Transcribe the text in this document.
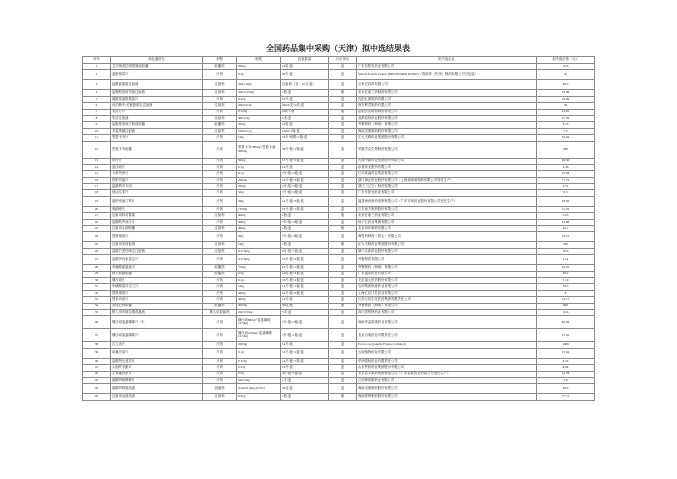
全国药品集中采购（天津）拟中选结果表
序号	药品通用名	剂型	规格	包装数量	计价单位	拟中选企业	拟中选价格（元）
1	艾司奥美拉唑镁肠溶胶囊	胶囊剂	20mg	14粒/盒	盒	广东东阳光药业有限公司	70.6
2	氯吡格雷片	片剂	0.2g	20片/盒	盒	Sanofi Aventis France (DELPHARM DIJON)（赛诺菲（杭州）制药有限公司分包装）	41
3	盐酸氨溴索注射液	注射剂	2ml:15mg	注射液（支：10支/盒）	盒	石家庄四药有限公司	28.5
4	盐酸帕洛诺司琼注射液	注射剂	5ml:0.25mg	1瓶/盒	瓶	北京红惠兰药制药有限公司	34.68
5	硫酸氢氯吡格雷片	片剂	0.25g	10片/盒	盒	沈阳红旗制药有限公司	19.49
6	丙泊酚中/长链脂肪乳注射液	注射剂	20ml:0.2g	20ml/支×4支/盒	盒	西安利君制药有限公司	39
7	朱洁方片	片剂	0.125g	100片/瓶	瓶	昆明贝克诺顿制药有限公司	22.95
8	朱洁注射液	注射剂	4ml:0.4g	2支/盒	盒	成都倍特药业股份有限公司	27.29
9	盐酸度洛西汀肠溶胶囊	胶囊剂	20mg	14粒/盒	盒	齐鲁制药（海南）有限公司	8.23
10	多索茶碱注射液	注射剂	10ml:0.1g	10ml×1瓶/盒	盒	海南灵康制药股份有限公司	7.2
11	恩替卡韦片	片剂	1mg	10片/铝塑×1板/盒	盒	正大天晴药业集团股份有限公司	35.64
12	恩替卡韦胶囊	片剂	恩替卡韦200mg+恩他卡朋200mg	30片/瓶×1瓶/盒	盒	安徽贝克生物制药有限公司	280
13	依叶片	片剂	50mg	15片/板×2板/盒	盒	天津中新药业集团股份有限公司	26.56
14	氯沙坦片	片剂	0.1g	14片/盒	盒	乐普药业股份有限公司	4.39
15	卡格列净片	片剂	0.1g	7片/板×2板/盒	盒	江苏豪森药业集团有限公司	25.38
16	依帕司他片	片剂	200mg	10片/板×3板/盒	盒	浙江海正药业股份有限公司（上海迪赛诺制药有限公司受托生产）	71.19
17	盐酸利多卡因	片剂	20mg	7片/板×4板/盒	盒	浙江（辽宁）制药有限公司	3.52
18	他达拉非片	片剂	5mg	7片/板×2板/盒	盒	广东东阳光药业有限公司	6.3
19	瑞舒伐他汀钙片	片剂	5mg	12片/板×3板/盒	盒	福建海西新药创制有限公司（广东安诺药业股份有限公司受托生产）	18.02
20	奥硝唑片	片剂	120mg	10片/板×1板/盒	盒	江苏南方制药股份有限公司	12.25
21	注射用阿奇霉素	注射剂	40mg	1瓶/盒	瓶	北京红惠兰药业有限公司	5.05
22	盐酸帕罗西汀片	片剂	40mg	7片/板×2板/盒	盒	扬子江药业集团有限公司	24.88
23	注射用头孢哌酮	注射剂	40mg	1瓶/盒	瓶	北京四环制药有限公司	24.7
24	替格瑞洛片	片剂	4mg	7片/板×4板/盒	盒	海思科制药（眉山）有限公司	15.12
25	注射用多西他赛	注射剂	1mg	1瓶/盒	瓶	正大天晴药业集团股份有限公司	390
26	盐酸右美托咪定注射液	注射剂	0.375mg	6片/板×1板/盒	盒	浙江京新药业股份有限公司	16.9
27	盐酸伊伐布雷定片	片剂	0.375mg	10片/板×2板/盒	盒	齐鲁制药有限公司	11.4
28	苯磺酸氨氯地平	胶囊剂	75mg	10片/板×1板/盒	盒	齐鲁制药（海南）有限公司	16.25
29	阿卡波糖胶囊	胶囊剂	0.5g	12粒/板×2板/盒	盒	广东福帝药业有限公司	28.4
30	缬沙坦片	片剂	0.1g	10片/板×2板/盒	盒	北京福元医药股份有限公司	7.19
31	甲磺酸雷沙吉兰片	片剂	1mg	14片/板×1板/盒	盒	石药集团欧意药业有限公司	18.3
32	替格瑞洛片	片剂	40mg	14片/板×2板/盒	盒	上海汇伦江苏药业有限公司	8
33	替米沙坦片	片剂	40mg	14片/盒	盒	江苏万邦生化医药集团有限责任公司	15.17
34	普瑞巴林胶囊	胶囊剂	300mg	30粒/瓶	瓶	齐鲁制药（海南）有限公司	960
35	吸入用布地奈德混悬液	吸入用混悬剂	2ml:0.5mg	5支/盒	盒	四川普锐特药业有限公司	19.6
36	缬沙坦氢氯噻嗪片（Ⅰ）	片剂	缬沙坦80mg+氢氯噻嗪12.5mg	7片/板×2板/盒	盒	海南华益泰康药业有限公司	82.59
37	缬沙坦氢氯噻嗪片	片剂	缬沙坦160mg+氢氯噻嗪12.5mg	7片/板×1板/盒	盒	北京百奥药业有限责任公司	27.02
38	吉立达片	片剂	200mg	14片/盒	盒	Ercros sA (Gandia Frutoso Limited)	1066
39	诺氟沙星片	片剂	0.1g	12片/板×1板/盒	盒	云南植物药业有限公司	15.94
40	盐酸特比萘芬片	片剂	0.125g	14片/板×1板/盒	盒	华润赛科药业有限责任公司	6.45
41	头孢呋辛酯片	片剂	0.25g	12片/盒	盒	山东罗欣药业集团股份有限公司	8.84
42	左氧氟沙星片	片剂	0.5g	4片/板×1板/盒	盒	北京京丰制药集团有限公司（广东彩虹药业有限公司受托生产）	24.78
43	硫酸吗啡缓释片	片剂	5ml:5mg	1支/盒	盒	江西珍视明药业有限公司	5.8
44	硫酸吗啡肠溶液	溶液剂	0.4ml:0.2mg (0.3%)	30支/盒	盒	海南灵康制药股份有限公司	36.4
45	注射用厄他培南	注射剂	0.25g	1瓶/盒	瓶	海南普利制药股份有限公司	777.5
